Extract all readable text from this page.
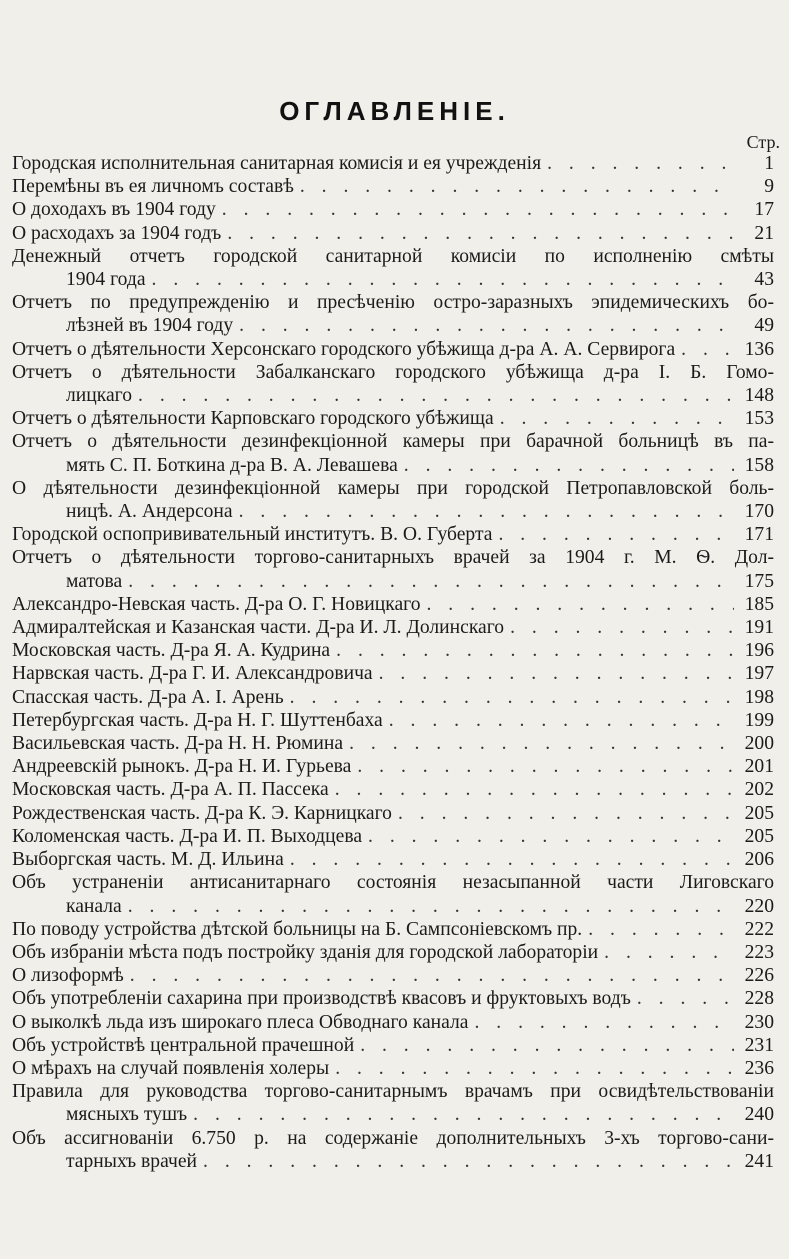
ОГЛАВЛЕНIЕ.
Стр.
Городская исполнительная санитарная комисія и ея учрежденія . . .	1
Перемѣны въ ея личномъ составѣ . . .	9
О доходахъ въ 1904 году . . .	17
О расходахъ за 1904 годъ . . .	21
Денежный отчетъ городской санитарной комисіи по исполненію смѣты
1904 года . . .	43
Отчетъ по предупрежденію и пресѣченію остро-заразныхъ эпидемическихъ бо-
лѣзней въ 1904 году . . .	49
Отчетъ о дѣятельности Херсонскаго городского убѣжища д-ра А. А. Сервирога . . .	136
Отчетъ о дѣятельности Забалканскаго городского убѣжища д-ра І. Б. Гомо-
лицкаго . . .	148
Отчетъ о дѣятельности Карповскаго городского убѣжища . . .	153
Отчетъ о дѣятельности дезинфекціонной камеры при барачной больницѣ въ па-
мять С. П. Боткина д-ра В. А. Левашева . . .	158
О дѣятельности дезинфекціонной камеры при городской Петропавловской боль-
ницѣ. А. Андерсона . . .	170
Городской оспопрививательный институтъ. В. О. Губерта . . .	171
Отчетъ о дѣятельности торгово-санитарныхъ врачей за 1904 г. М. Ѳ. Дол-
матова . . .	175
Александро-Невская часть. Д-ра О. Г. Новицкаго . . .	185
Адмиралтейская и Казанская части. Д-ра И. Л. Долинскаго . . .	191
Московская часть. Д-ра Я. А. Кудрина . . .	196
Нарвская часть. Д-ра Г. И. Александровича . . .	197
Спасская часть. Д-ра А. І. Арень . . .	198
Петербургская часть. Д-ра Н. Г. Шуттенбаха . . .	199
Васильевская часть. Д-ра Н. Н. Рюмина . . .	200
Андреевскій рынокъ. Д-ра Н. И. Гурьева . . .	201
Московская часть. Д-ра А. П. Пассека . . .	202
Рождественская часть. Д-ра К. Э. Карницкаго . . .	205
Коломенская часть. Д-ра И. П. Выходцева . . .	205
Выборгская часть. М. Д. Ильина . . .	206
Объ устраненіи антисанитарнаго состоянія незасыпанной части Лиговскаго
канала . . .	220
По поводу устройства дѣтской больницы на Б. Сампсоніевскомъ пр. . . .	222
Объ избраніи мѣста подъ постройку зданія для городской лабораторіи . . .	223
О лизоформѣ . . .	226
Объ употребленіи сахарина при производствѣ квасовъ и фруктовыхъ водъ . . .	228
О выколкѣ льда изъ широкаго плеса Обводнаго канала . . .	230
Объ устройствѣ центральной прачешной . . .	231
О мѣрахъ на случай появленія холеры . . .	236
Правила для руководства торгово-санитарнымъ врачамъ при освидѣтельствованіи
мясныхъ тушъ . . .	240
Объ ассигнованіи 6.750 р. на содержаніе дополнительныхъ 3-хъ торгово-сани-
тарныхъ врачей . . .	241
